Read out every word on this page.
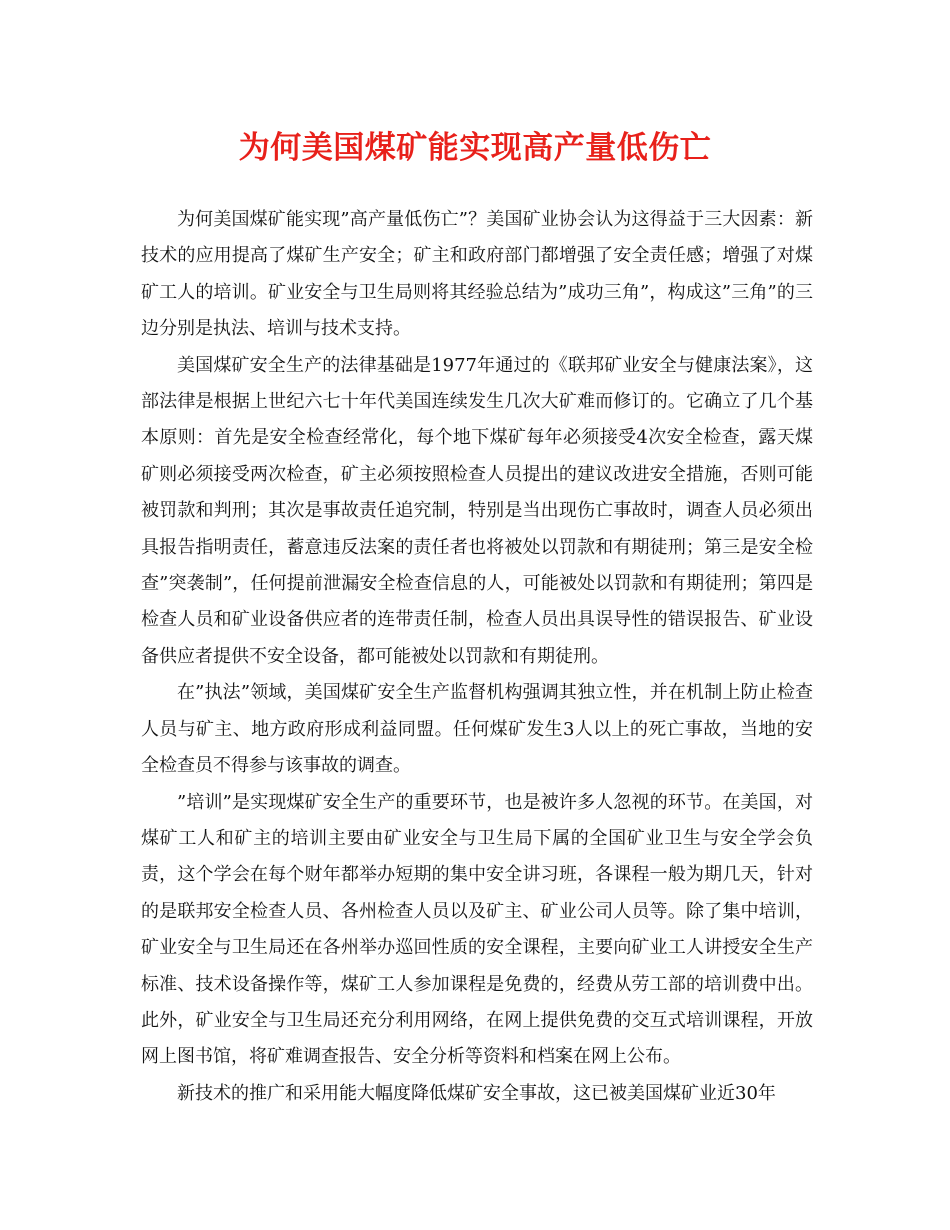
为何美国煤矿能实现高产量低伤亡

为何美国煤矿能实现”高产量低伤亡”？美国矿业协会认为这得益于三大因素：新技术的应用提高了煤矿生产安全；矿主和政府部门都增强了安全责任感；增强了对煤矿工人的培训。矿业安全与卫生局则将其经验总结为”成功三角”，构成这”三角”的三边分别是执法、培训与技术支持。

美国煤矿安全生产的法律基础是1977年通过的《联邦矿业安全与健康法案》，这部法律是根据上世纪六七十年代美国连续发生几次大矿难而修订的。它确立了几个基本原则：首先是安全检查经常化，每个地下煤矿每年必须接受4次安全检查，露天煤矿则必须接受两次检查，矿主必须按照检查人员提出的建议改进安全措施，否则可能被罚款和判刑；其次是事故责任追究制，特别是当出现伤亡事故时，调查人员必须出具报告指明责任，蓄意违反法案的责任者也将被处以罚款和有期徒刑；第三是安全检查”突袭制”，任何提前泄漏安全检查信息的人，可能被处以罚款和有期徒刑；第四是检查人员和矿业设备供应者的连带责任制，检查人员出具误导性的错误报告、矿业设备供应者提供不安全设备，都可能被处以罚款和有期徒刑。

在”执法”领域，美国煤矿安全生产监督机构强调其独立性，并在机制上防止检查人员与矿主、地方政府形成利益同盟。任何煤矿发生3人以上的死亡事故，当地的安全检查员不得参与该事故的调查。

”培训”是实现煤矿安全生产的重要环节，也是被许多人忽视的环节。在美国，对煤矿工人和矿主的培训主要由矿业安全与卫生局下属的全国矿业卫生与安全学会负责，这个学会在每个财年都举办短期的集中安全讲习班，各课程一般为期几天，针对的是联邦安全检查人员、各州检查人员以及矿主、矿业公司人员等。除了集中培训，矿业安全与卫生局还在各州举办巡回性质的安全课程，主要向矿业工人讲授安全生产标准、技术设备操作等，煤矿工人参加课程是免费的，经费从劳工部的培训费中出。此外，矿业安全与卫生局还充分利用网络，在网上提供免费的交互式培训课程，开放网上图书馆，将矿难调查报告、安全分析等资料和档案在网上公布。

新技术的推广和采用能大幅度降低煤矿安全事故，这已被美国煤矿业近30年
